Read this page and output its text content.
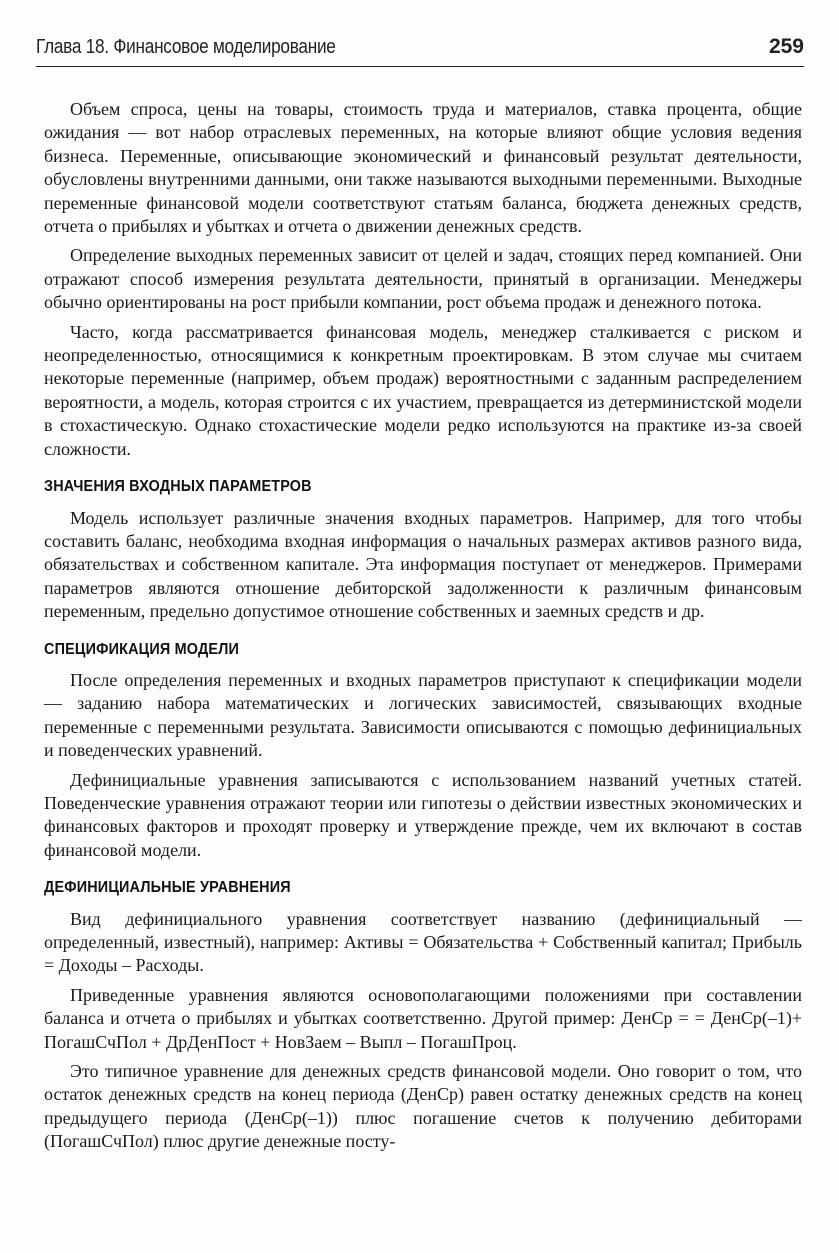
Глава 18. Финансовое моделирование	259

Объем спроса, цены на товары, стоимость труда и материалов, ставка процента, общие ожидания — вот набор отраслевых переменных, на которые влияют общие условия ведения бизнеса. Переменные, описывающие экономический и финансовый результат деятельности, обусловлены внутренними данными, они также называются выходными переменными. Выходные переменные финансовой модели соответствуют статьям баланса, бюджета денежных средств, отчета о прибылях и убытках и отчета о движении денежных средств.

Определение выходных переменных зависит от целей и задач, стоящих перед компанией. Они отражают способ измерения результата деятельности, принятый в организации. Менеджеры обычно ориентированы на рост прибыли компании, рост объема продаж и денежного потока.

Часто, когда рассматривается финансовая модель, менеджер сталкивается с риском и неопределенностью, относящимися к конкретным проектировкам. В этом случае мы считаем некоторые переменные (например, объем продаж) вероятностными с заданным распределением вероятности, а модель, которая строится с их участием, превращается из детерминистской модели в стохастическую. Однако стохастические модели редко используются на практике из-за своей сложности.

ЗНАЧЕНИЯ ВХОДНЫХ ПАРАМЕТРОВ

Модель использует различные значения входных параметров. Например, для того чтобы составить баланс, необходима входная информация о начальных размерах активов разного вида, обязательствах и собственном капитале. Эта информация поступает от менеджеров. Примерами параметров являются отношение дебиторской задолженности к различным финансовым переменным, предельно допустимое отношение собственных и заемных средств и др.

СПЕЦИФИКАЦИЯ МОДЕЛИ

После определения переменных и входных параметров приступают к спецификации модели — заданию набора математических и логических зависимостей, связывающих входные переменные с переменными результата. Зависимости описываются с помощью дефинициальных и поведенческих уравнений.

Дефинициальные уравнения записываются с использованием названий учетных статей. Поведенческие уравнения отражают теории или гипотезы о действии известных экономических и финансовых факторов и проходят проверку и утверждение прежде, чем их включают в состав финансовой модели.

ДЕФИНИЦИАЛЬНЫЕ УРАВНЕНИЯ

Вид дефинициального уравнения соответствует названию (дефинициальный — определенный, известный), например: Активы = Обязательства + Собственный капитал; Прибыль = Доходы – Расходы.

Приведенные уравнения являются основополагающими положениями при составлении баланса и отчета о прибылях и убытках соответственно. Другой пример: ДенСр = = ДенСр(–1)+ ПогашСчПол + ДрДенПост + НовЗаем – Выпл – ПогашПроц.

Это типичное уравнение для денежных средств финансовой модели. Оно говорит о том, что остаток денежных средств на конец периода (ДенСр) равен остатку денежных средств на конец предыдущего периода (ДенСр(–1)) плюс погашение счетов к получению дебиторами (ПогашСчПол) плюс другие денежные посту-
